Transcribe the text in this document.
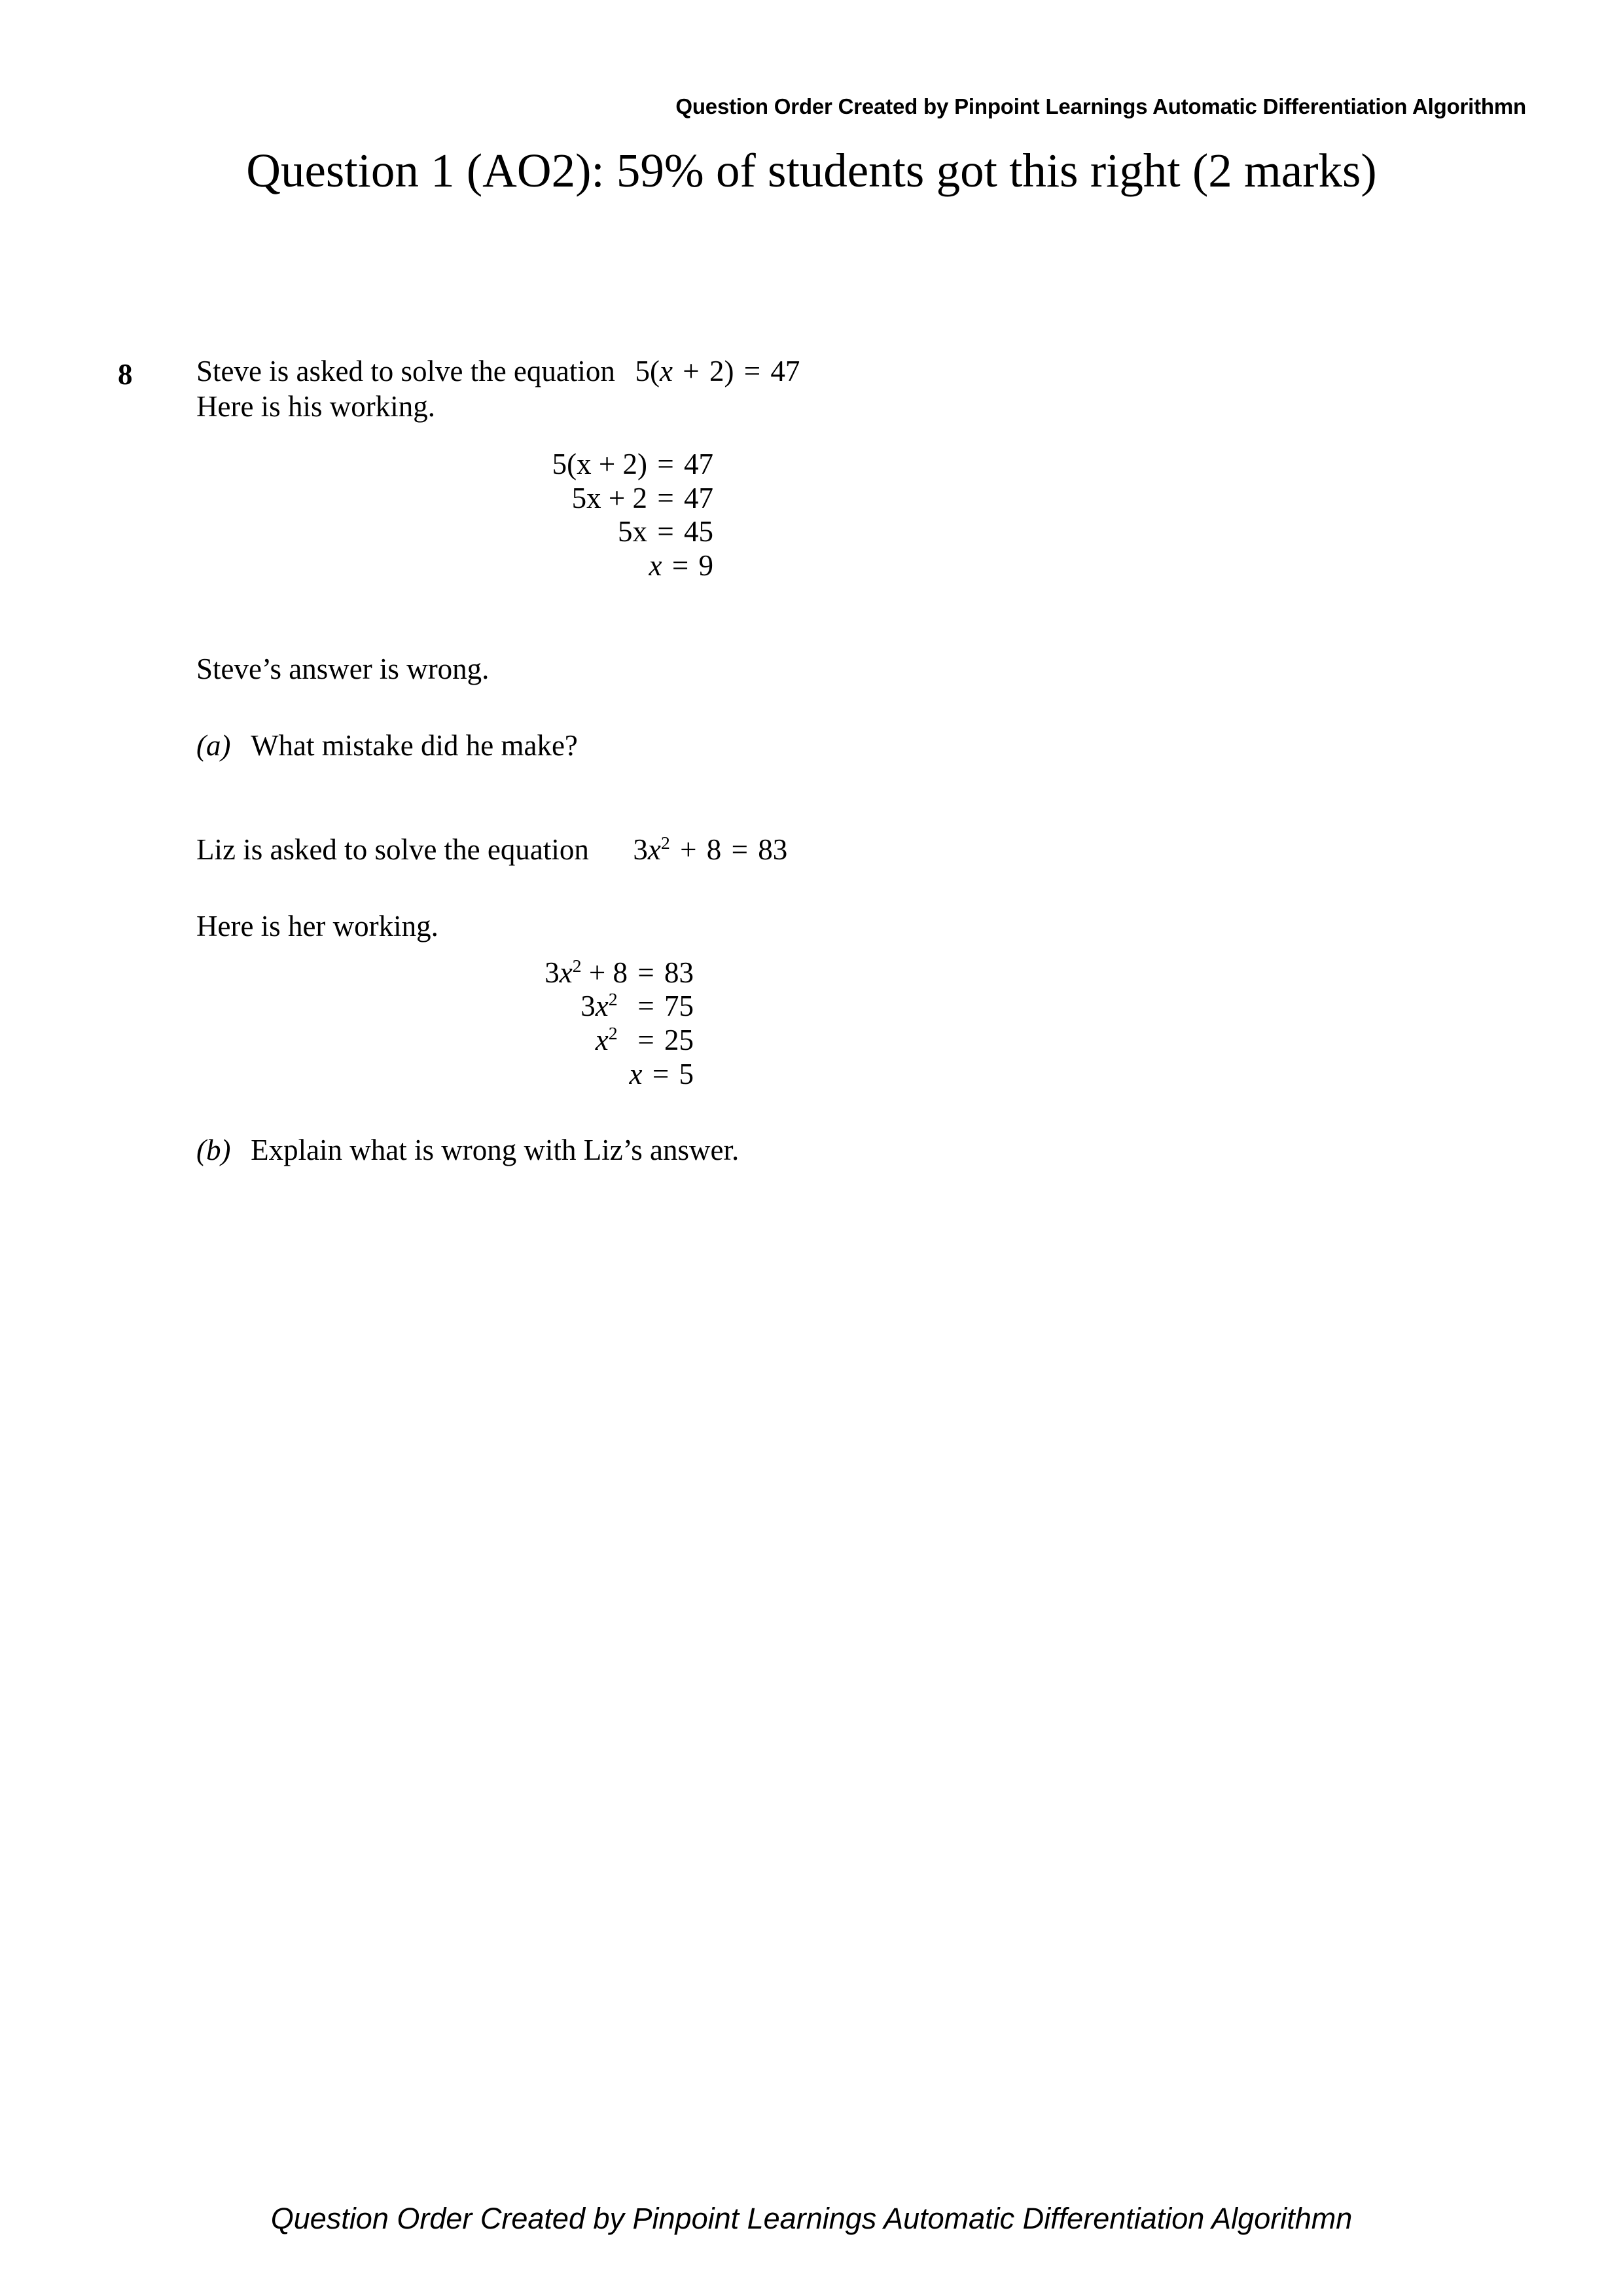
Question Order Created by Pinpoint Learnings Automatic Differentiation Algorithmn
Question 1 (AO2): 59% of students got this right (2 marks)
8 Steve is asked to solve the equation 5(x + 2) = 47
Here is his working.
5(x + 2) = 47
5x + 2 = 47
5x = 45
x = 9
Steve’s answer is wrong.
(a) What mistake did he make?
Liz is asked to solve the equation $3x^2 + 8 = 83$
Here is her working.
$3x^2 + 8 = 83$
$3x^2 = 75$
$x^2 = 25$
x = 5
(b) Explain what is wrong with Liz’s answer.
Question Order Created by Pinpoint Learnings Automatic Differentiation Algorithmn
